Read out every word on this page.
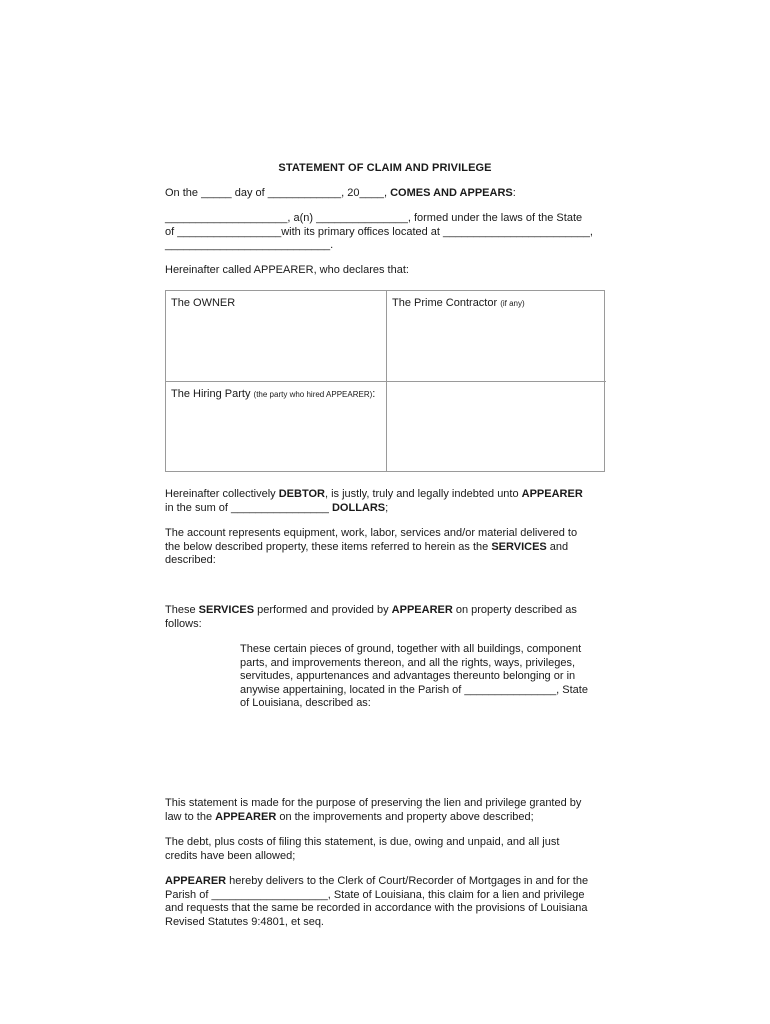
STATEMENT OF CLAIM AND PRIVILEGE

On the _____ day of ____________, 20____, COMES AND APPEARS:

____________________, a(n) _______________, formed under the laws of the State

of _________________with its primary offices located at ________________________,

___________________________.

Hereinafter called APPEARER, who declares that:
The OWNER	The Prime Contractor (if any)
The Hiring Party (the party who hired APPEARER):

Hereinafter collectively DEBTOR, is justly, truly and legally indebted unto APPEARER

in the sum of ________________ DOLLARS;

The account represents equipment, work, labor, services and/or material delivered to

the below described property, these items referred to herein as the SERVICES and

described:

These SERVICES performed and provided by APPEARER on property described as

follows:

These certain pieces of ground, together with all buildings, component

parts, and improvements thereon, and all the rights, ways, privileges,

servitudes, appurtenances and advantages thereunto belonging or in

anywise appertaining, located in the Parish of _______________, State

of Louisiana, described as:

This statement is made for the purpose of preserving the lien and privilege granted by

law to the APPEARER on the improvements and property above described;

The debt, plus costs of filing this statement, is due, owing and unpaid, and all just

credits have been allowed;

APPEARER hereby delivers to the Clerk of Court/Recorder of Mortgages in and for the

Parish of ___________________, State of Louisiana, this claim for a lien and privilege

and requests that the same be recorded in accordance with the provisions of Louisiana

Revised Statutes 9:4801, et seq.
